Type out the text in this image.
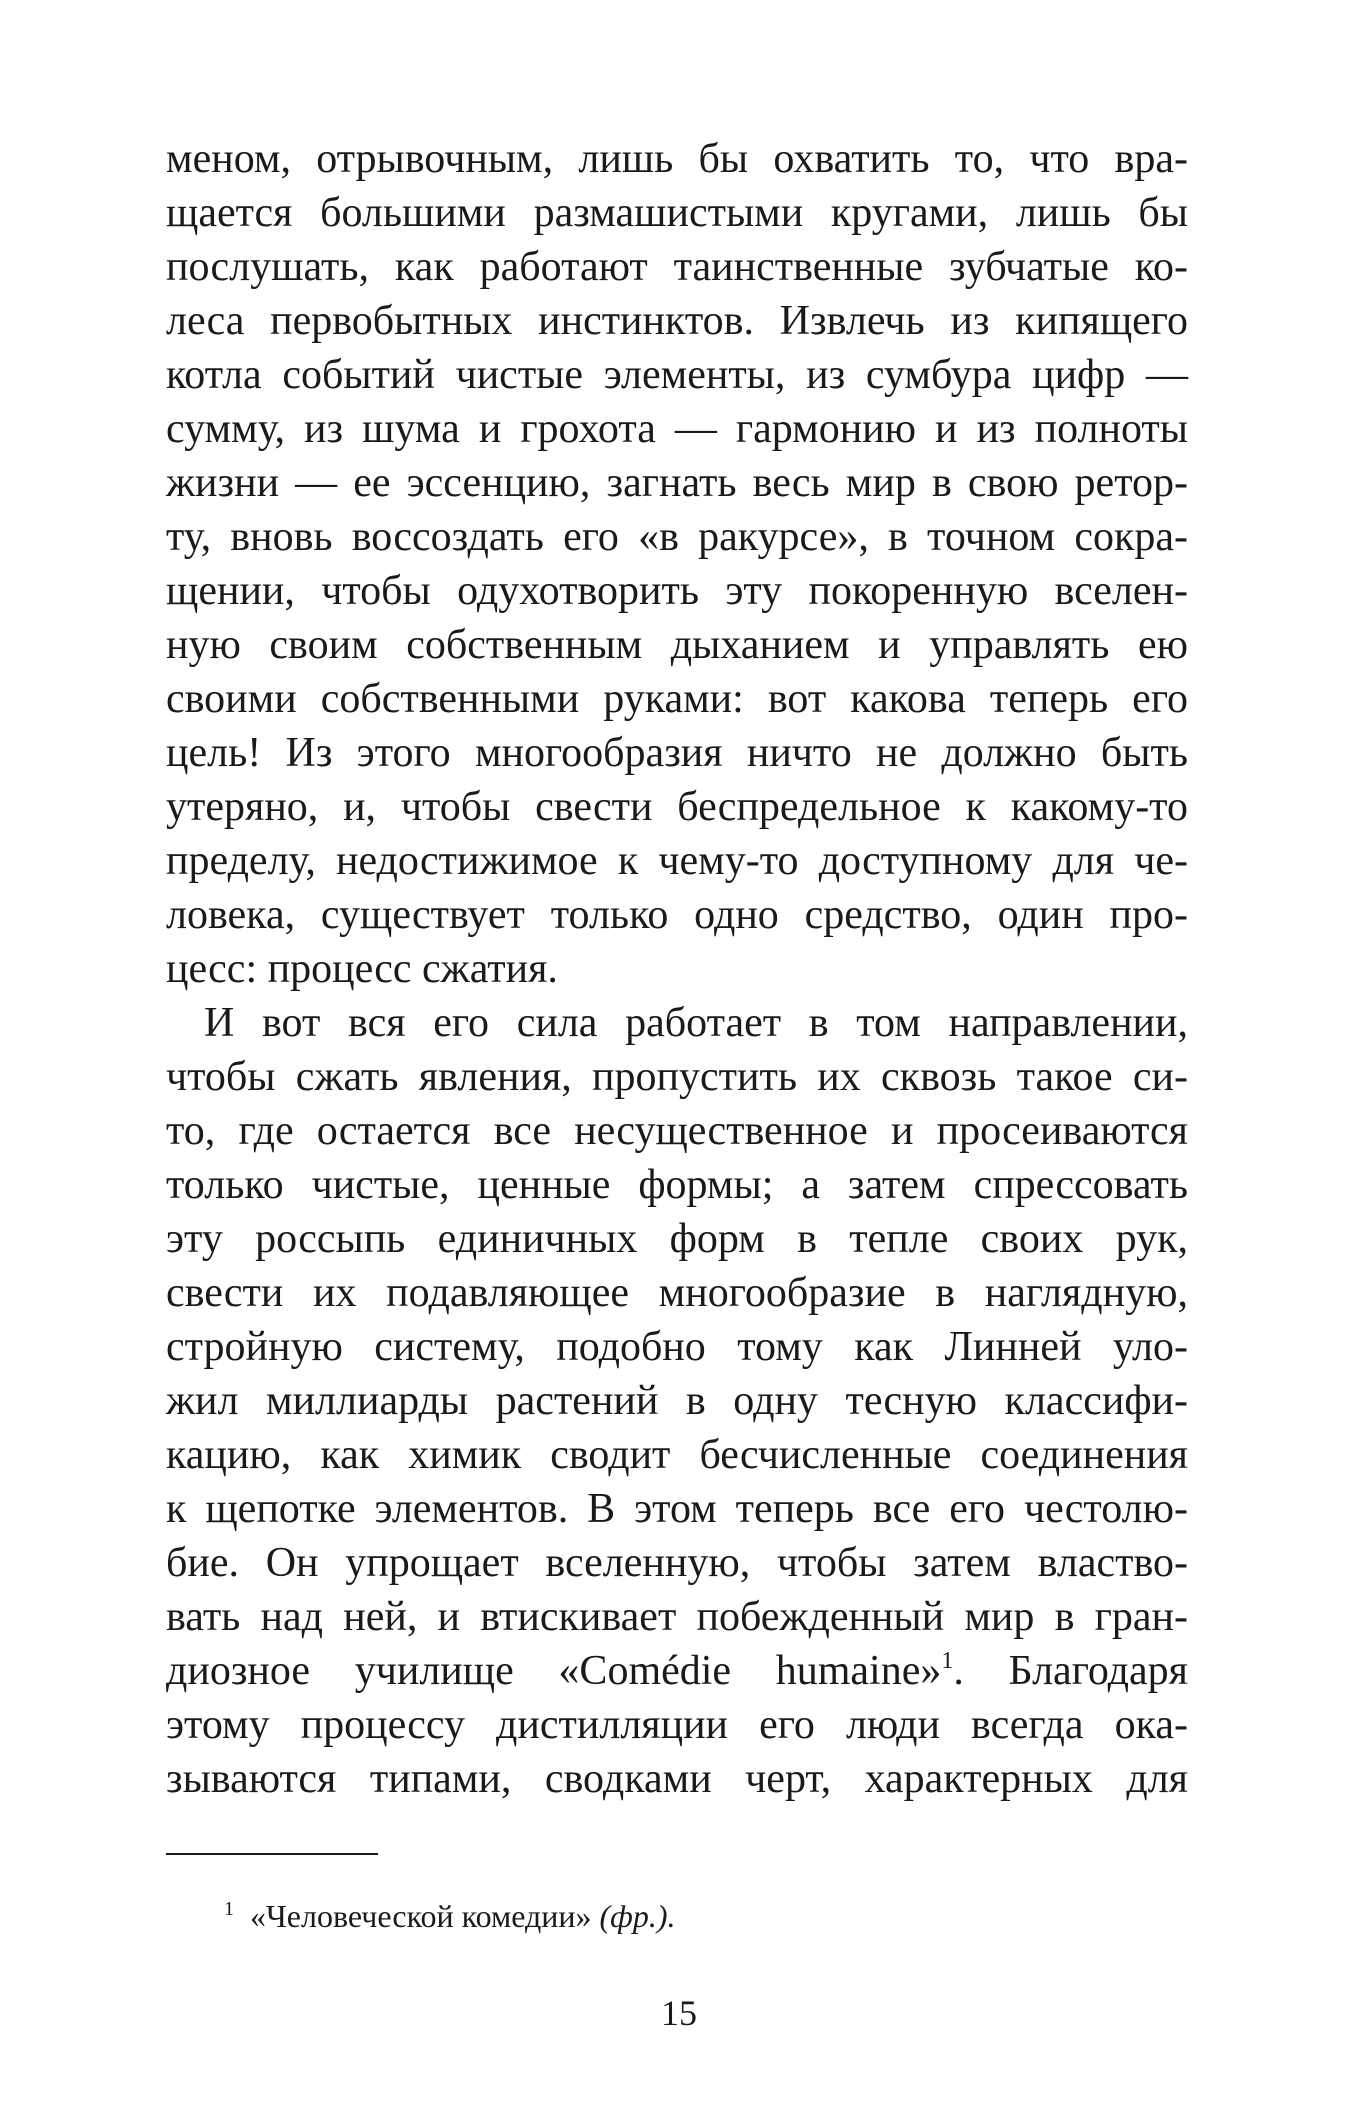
меном, отрывочным, лишь бы охватить то, что вра-
щается большими размашистыми кругами, лишь бы
послушать, как работают таинственные зубчатые ко-
леса первобытных инстинктов. Извлечь из кипящего
котла событий чистые элементы, из сумбура цифр —
сумму, из шума и грохота — гармонию и из полноты
жизни — ее эссенцию, загнать весь мир в свою ретор-
ту, вновь воссоздать его «в ракурсе», в точном сокра-
щении, чтобы одухотворить эту покоренную вселен-
ную своим собственным дыханием и управлять ею
своими собственными руками: вот какова теперь его
цель! Из этого многообразия ничто не должно быть
утеряно, и, чтобы свести беспредельное к какому-то
пределу, недостижимое к чему-то доступному для че-
ловека, существует только одно средство, один про-
цесс: процесс сжатия.
И вот вся его сила работает в том направлении,
чтобы сжать явления, пропустить их сквозь такое си-
то, где остается все несущественное и просеиваются
только чистые, ценные формы; а затем спрессовать
эту россыпь единичных форм в тепле своих рук,
свести их подавляющее многообразие в наглядную,
стройную систему, подобно тому как Линней уло-
жил миллиарды растений в одну тесную классифи-
кацию, как химик сводит бесчисленные соединения
к щепотке элементов. В этом теперь все его честолю-
бие. Он упрощает вселенную, чтобы затем властво-
вать над ней, и втискивает побежденный мир в гран-
диозное училище «Comédie humaine»$^1$. Благодаря
этому процессу дистилляции его люди всегда ока-
зываются типами, сводками черт, характерных для
$^1$ «Человеческой комедии» (фр.).
15
